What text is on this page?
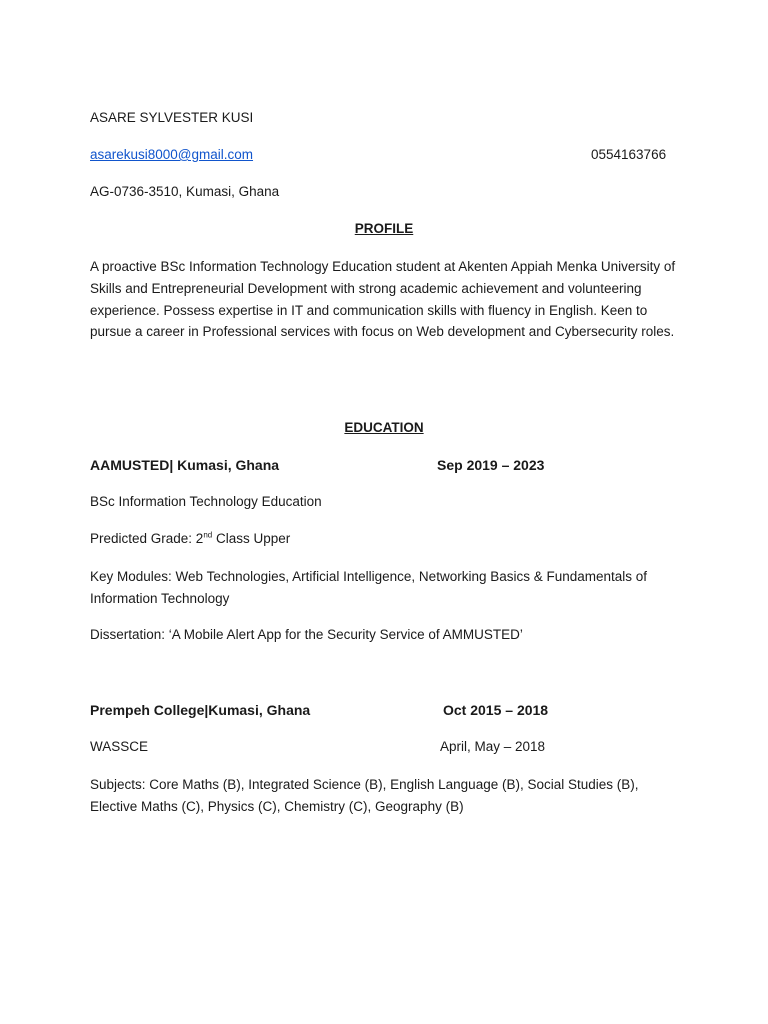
ASARE SYLVESTER KUSI
asarekusi8000@gmail.com	0554163766
AG-0736-3510, Kumasi, Ghana
PROFILE
A proactive BSc Information Technology Education student at Akenten Appiah Menka University of Skills and Entrepreneurial Development with strong academic achievement and volunteering experience. Possess expertise in IT and communication skills with fluency in English. Keen to pursue a career in Professional services with focus on Web development and Cybersecurity roles.
EDUCATION
AAMUSTED| Kumasi, Ghana	Sep 2019 – 2023
BSc Information Technology Education
Predicted Grade: 2nd Class Upper
Key Modules: Web Technologies, Artificial Intelligence, Networking Basics & Fundamentals of Information Technology
Dissertation: ‘A Mobile Alert App for the Security Service of AMMUSTED’
Prempeh College|Kumasi, Ghana	Oct 2015 – 2018
WASSCE	April, May – 2018
Subjects: Core Maths (B), Integrated Science (B), English Language (B), Social Studies (B), Elective Maths (C), Physics (C), Chemistry (C), Geography (B)
